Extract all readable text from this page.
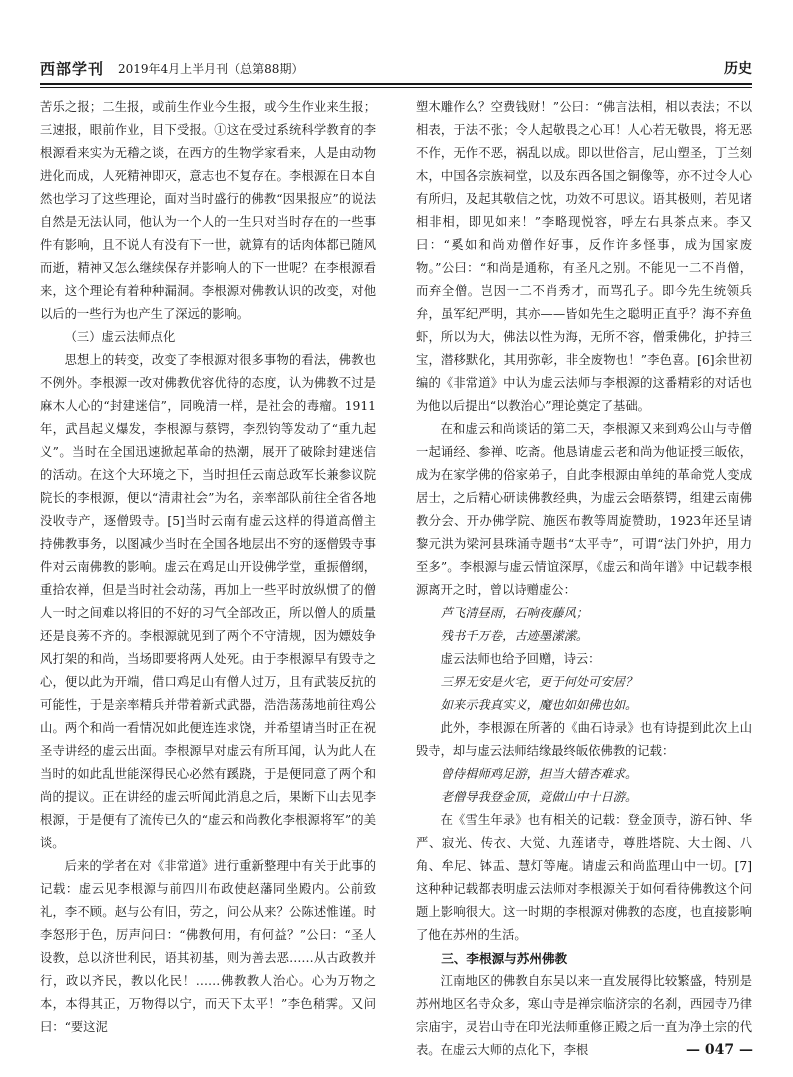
西部学刊 2019年4月上半月刊（总第88期）	历史

苦乐之报；二生报，或前生作业今生报，或今生作业来生报；三速报，眼前作业，目下受报。①这在受过系统科学教育的李根源看来实为无稽之谈，在西方的生物学家看来，人是由动物进化而成，人死精神即灭，意志也不复存在。李根源在日本自然也学习了这些理论，面对当时盛行的佛教“因果报应”的说法自然是无法认同，他认为一个人的一生只对当时存在的一些事件有影响，且不说人有没有下一世，就算有的话肉体都已随风而逝，精神又怎么继续保存并影响人的下一世呢？在李根源看来，这个理论有着种种漏洞。李根源对佛教认识的改变，对他以后的一些行为也产生了深远的影响。

（三）虚云法师点化

思想上的转变，改变了李根源对很多事物的看法，佛教也不例外。李根源一改对佛教优容优待的态度，认为佛教不过是麻木人心的“封建迷信”，同晚清一样，是社会的毒瘤。1911年，武昌起义爆发，李根源与蔡锷，李烈钧等发动了“重九起义”。当时在全国迅速掀起革命的热潮，展开了破除封建迷信的活动。在这个大环境之下，当时担任云南总政军长兼参议院院长的李根源，便以“清肃社会”为名，亲率部队前往全省各地没收寺产，逐僧毁寺。[5]当时云南有虚云这样的得道高僧主持佛教事务，以图减少当时在全国各地层出不穷的逐僧毁寺事件对云南佛教的影响。虚云在鸡足山开设佛学堂，重振僧纲，重拾农禅，但是当时社会动荡，再加上一些平时放纵惯了的僧人一时之间难以将旧的不好的习气全部改正，所以僧人的质量还是良莠不齐的。李根源就见到了两个不守清规，因为嫖妓争风打架的和尚，当场即要将两人处死。由于李根源早有毁寺之心，便以此为开端，借口鸡足山有僧人过万，且有武装反抗的可能性，于是亲率精兵并带着新式武器，浩浩荡荡地前往鸡公山。两个和尚一看情况如此便连连求饶，并希望请当时正在祝圣寺讲经的虚云出面。李根源早对虚云有所耳闻，认为此人在当时的如此乱世能深得民心必然有蹊跷，于是便同意了两个和尚的提议。正在讲经的虚云听闻此消息之后，果断下山去见李根源，于是便有了流传已久的“虚云和尚教化李根源将军”的美谈。

后来的学者在对《非常道》进行重新整理中有关于此事的记载：虚云见李根源与前四川布政使赵藩同坐殿内。公前致礼，李不顾。赵与公有旧，劳之，问公从来？公陈述惟谨。时李怒形于色，厉声问曰：“佛教何用，有何益？”公曰：“圣人设教，总以济世利民，语其初基，则为善去恶……从古政教并行，政以齐民，教以化民！……佛教教人治心。心为万物之本，本得其正，万物得以宁，而天下太平！”李色稍霁。又问曰：“要这泥

塑木雕作么？空费钱财！”公曰：“佛言法相，相以表法；不以相表，于法不张；令人起敬畏之心耳！人心若无敬畏，将无恶不作，无作不恶，祸乱以成。即以世俗言，尼山塑圣，丁兰刻木，中国各宗族祠堂，以及东西各国之铜像等，亦不过令人心有所归，及起其敬信之忱，功效不可思议。语其极则，若见诸相非相，即见如来！”李略现悦容，呼左右具茶点来。李又曰：“奚如和尚劝僧作好事，反作许多怪事，成为国家废物。”公曰：“和尚是通称，有圣凡之别。不能见一二不肖僧，而弃全僧。岂因一二不肖秀才，而骂孔子。即今先生统领兵弁，虽军纪严明，其亦——皆如先生之聪明正直乎？海不弃鱼虾，所以为大，佛法以性为海，无所不容，僧秉佛化，护持三宝，潜移默化，其用弥彰，非全废物也！”李色喜。[6]余世初编的《非常道》中认为虚云法师与李根源的这番精彩的对话也为他以后提出“以教治心”理论奠定了基础。

在和虚云和尚谈话的第二天，李根源又来到鸡公山与寺僧一起诵经、参禅、吃斋。他恳请虚云老和尚为他证授三皈依，成为在家学佛的俗家弟子，自此李根源由单纯的革命党人变成居士，之后精心研读佛教经典，为虚云会晤蔡锷，组建云南佛教分会、开办佛学院、施医布教等周旋赞助，1923年还呈请黎元洪为梁河县珠涌寺题书“太平寺”，可谓“法门外护，用力至多”。李根源与虚云情谊深厚，《虚云和尚年谱》中记载李根源离开之时，曾以诗赠虚公：

芦飞清昼雨，石响夜藤风；
残书千万卷，古迹墨潆潆。

虚云法师也给予回赠，诗云：

三界无安是火宅，更于何处可安居？
如来示我真实义，魔也如如佛也如。

此外，李根源在所著的《曲石诗录》也有诗提到此次上山毁寺，却与虚云法师结缘最终皈依佛教的记载：

曾侍楫师鸡足游，担当大错杏难求。
老僧导我登金顶，竟做山中十日游。

在《雪生年录》也有相关的记载：登金顶寺，游石钟、华严、寂光、传衣、大觉、九莲诸寺，尊胜塔院、大士阁、八角、牟尼、钵盂、慧灯等庵。请虚云和尚监理山中一切。[7]这种种记载都表明虚云法师对李根源关于如何看待佛教这个问题上影响很大。这一时期的李根源对佛教的态度，也直接影响了他在苏州的生活。

三、李根源与苏州佛教

江南地区的佛教自东吴以来一直发展得比较繁盛，特别是苏州地区名寺众多，寒山寺是禅宗临济宗的名刹，西园寺乃律宗庙宇，灵岩山寺在印光法师重修正殿之后一直为净土宗的代表。在虚云大师的点化下，李根	— 047 —
